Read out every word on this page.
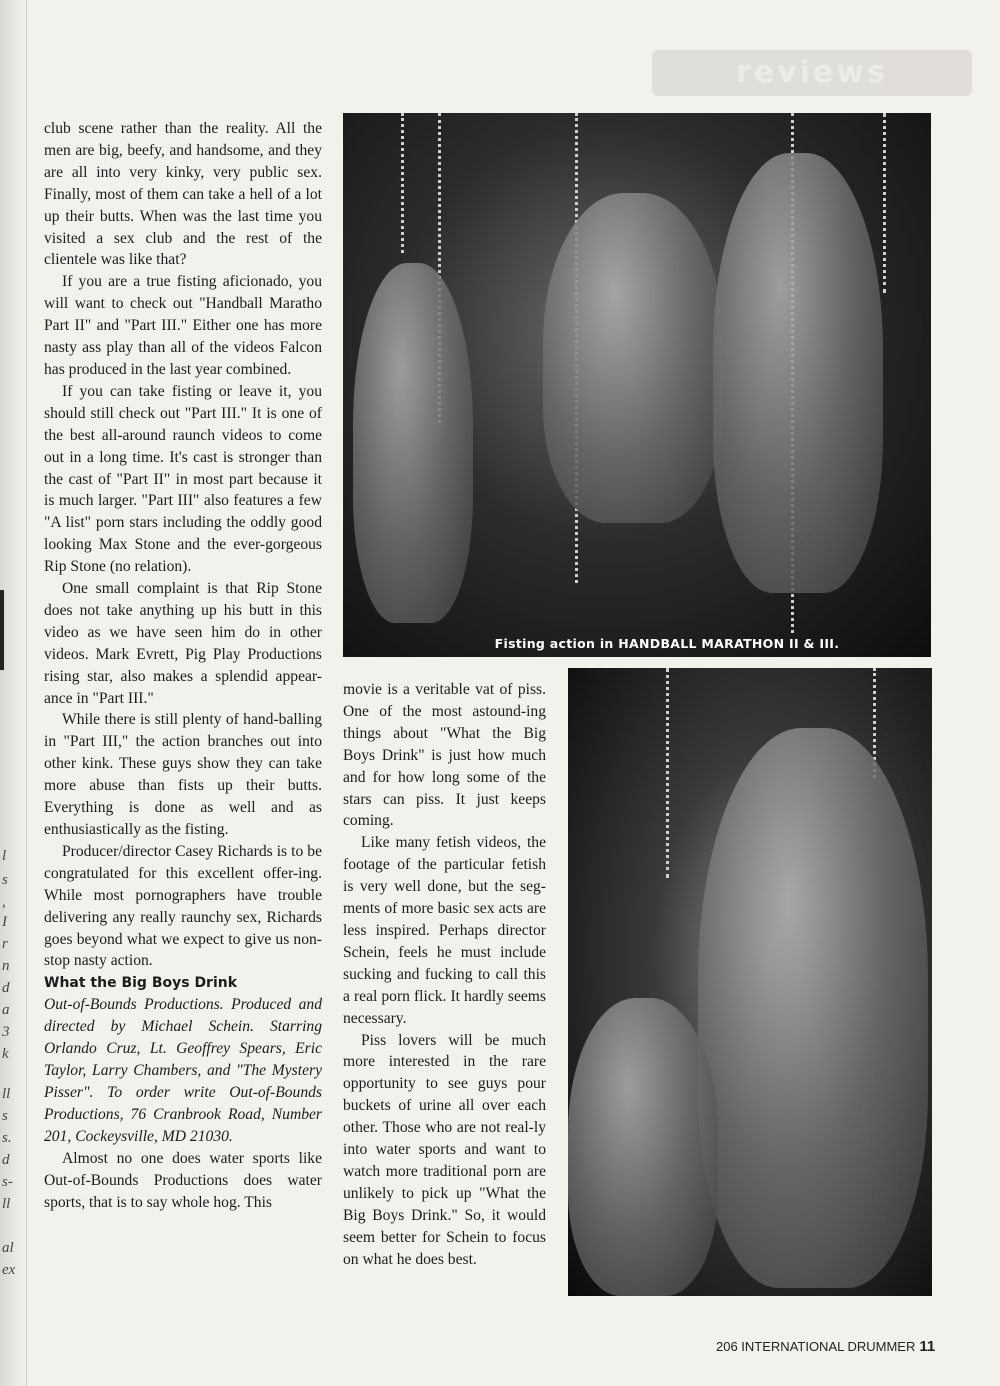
l
s
,
I
r
n
d
a
3
k
ll
s
s.
d
s-
ll
al
ex
reviews

club scene rather than the reality. All the men are big, beefy, and handsome, and they are all into very kinky, very public sex. Finally, most of them can take a hell of a lot up their butts. When was the last time you visited a sex club and the rest of the clientele was like that?

If you are a true fisting aficionado, you will want to check out "Handball Maratho Part II" and "Part III." Either one has more nasty ass play than all of the videos Falcon has produced in the last year combined.

If you can take fisting or leave it, you should still check out "Part III." It is one of the best all-around raunch videos to come out in a long time. It's cast is stronger than the cast of "Part II" in most part because it is much larger. "Part III" also features a few "A list" porn stars including the oddly good looking Max Stone and the ever-gorgeous Rip Stone (no relation).

One small complaint is that Rip Stone does not take anything up his butt in this video as we have seen him do in other videos. Mark Evrett, Pig Play Productions rising star, also makes a splendid appear-ance in "Part III."

While there is still plenty of hand-balling in "Part III," the action branches out into other kink. These guys show they can take more abuse than fists up their butts. Everything is done as well and as enthusiastically as the fisting.

Producer/director Casey Richards is to be congratulated for this excellent offer-ing. While most pornographers have trouble delivering any really raunchy sex, Richards goes beyond what we expect to give us non-stop nasty action.

What the Big Boys Drink

Out-of-Bounds Productions. Produced and directed by Michael Schein. Starring Orlando Cruz, Lt. Geoffrey Spears, Eric Taylor, Larry Chambers, and "The Mystery Pisser". To order write Out-of-Bounds Productions, 76 Cranbrook Road, Number 201, Cockeysville, MD 21030.

Almost no one does water sports like Out-of-Bounds Productions does water sports, that is to say whole hog. This

Fisting action in HANDBALL MARATHON II & III.

movie is a veritable vat of piss. One of the most astound-ing things about "What the Big Boys Drink" is just how much and for how long some of the stars can piss. It just keeps coming.

Like many fetish videos, the footage of the particular fetish is very well done, but the seg-ments of more basic sex acts are less inspired. Perhaps director Schein, feels he must include sucking and fucking to call this a real porn flick. It hardly seems necessary.

Piss lovers will be much more interested in the rare opportunity to see guys pour buckets of urine all over each other. Those who are not real-ly into water sports and want to watch more traditional porn are unlikely to pick up "What the Big Boys Drink." So, it would seem better for Schein to focus on what he does best.

206 INTERNATIONAL DRUMMER 11
